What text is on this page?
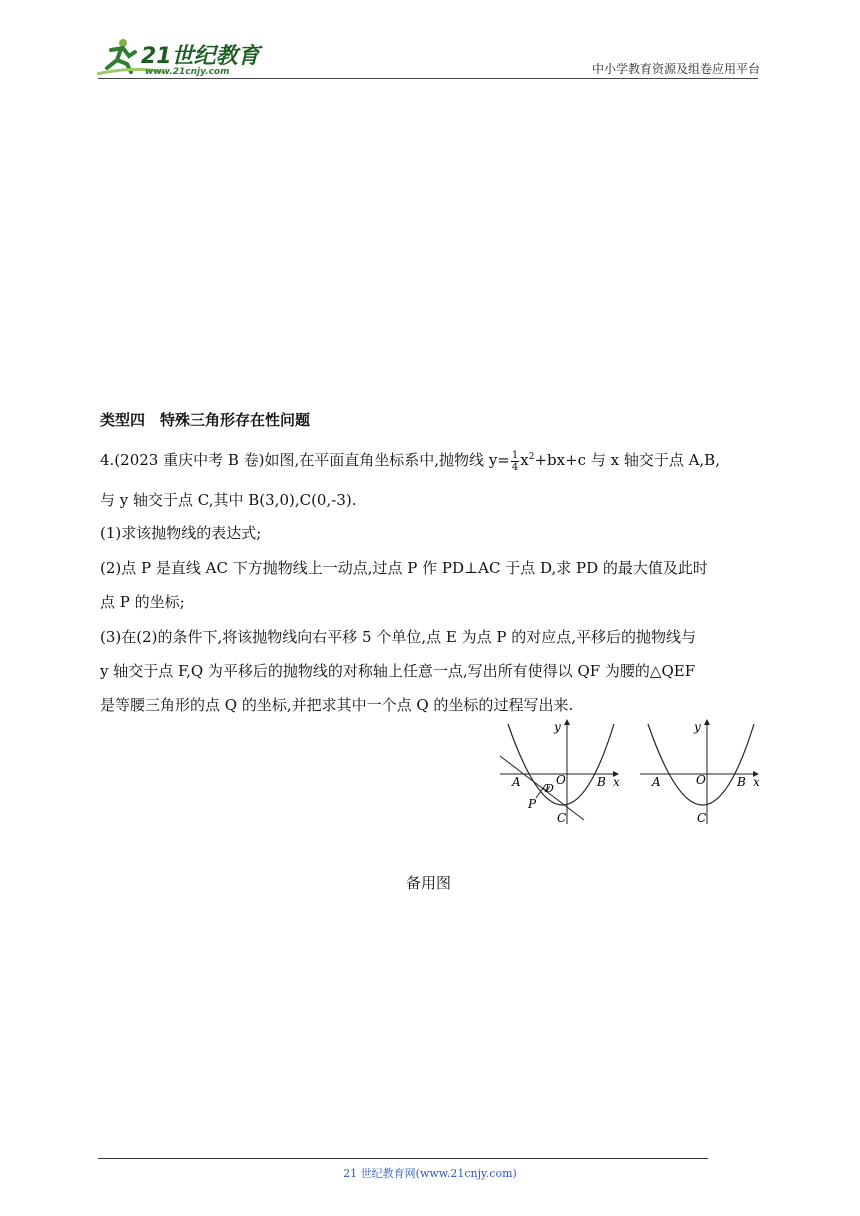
21世纪教育
www.21cnjy.com	中小学教育资源及组卷应用平台
类型四　特殊三角形存在性问题
4.(2023 重庆中考 B 卷)如图,在平面直角坐标系中,抛物线 $y= \frac{1}{4} x^2+bx+c$ 与 x 轴交于点 A,B,
与 y 轴交于点 C,其中 B(3,0),C(0,-3).
(1)求该抛物线的表达式;
(2)点 P 是直线 AC 下方抛物线上一动点,过点 P 作 PD⊥AC 于点 D,求 PD 的最大值及此时
点 P 的坐标;
(3)在(2)的条件下,将该抛物线向右平移 5 个单位,点 E 为点 P 的对应点,平移后的抛物线与
y 轴交于点 F,Q 为平移后的抛物线的对称轴上任意一点,写出所有使得以 QF 为腰的△QEF
是等腰三角形的点 Q 的坐标,并把求其中一个点 Q 的坐标的过程写出来.
y
x
A	O	B
C
D
P
y
x
A	O	B
C
备用图
21 世纪教育网(www.21cnjy.com)
